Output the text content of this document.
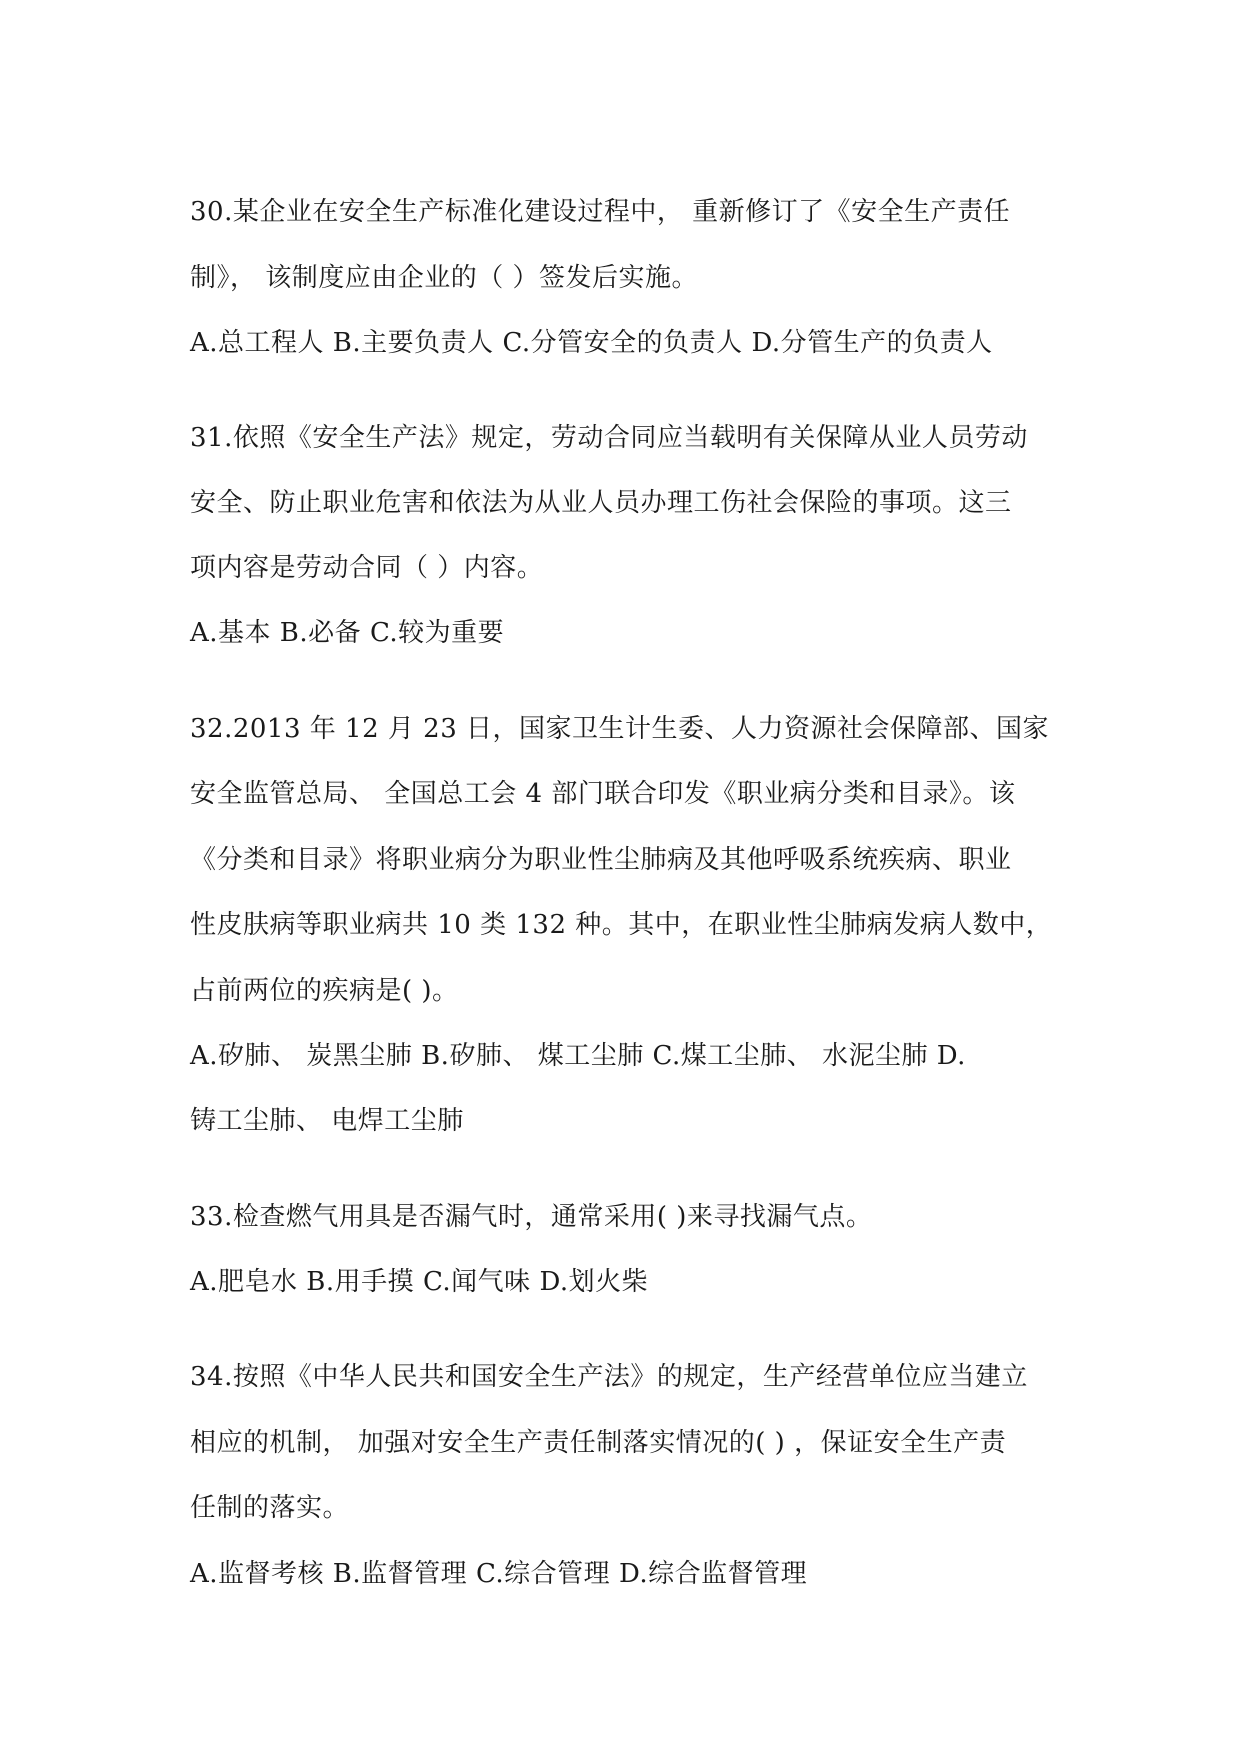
30.某企业在安全生产标准化建设过程中， 重新修订了《安全生产责任
制》， 该制度应由企业的（ ）签发后实施。
A.总工程人 B.主要负责人 C.分管安全的负责人 D.分管生产的负责人
31.依照《安全生产法》规定，劳动合同应当载明有关保障从业人员劳动
安全、防止职业危害和依法为从业人员办理工伤社会保险的事项。这三
项内容是劳动合同（ ）内容。
A.基本 B.必备 C.较为重要
32.2013 年 12 月 23 日，国家卫生计生委、人力资源社会保障部、国家
安全监管总局、 全国总工会 4 部门联合印发《职业病分类和目录》。该
《分类和目录》将职业病分为职业性尘肺病及其他呼吸系统疾病、职业
性皮肤病等职业病共 10 类 132 种。其中，在职业性尘肺病发病人数中，
占前两位的疾病是( )。
A.矽肺、 炭黑尘肺 B.矽肺、 煤工尘肺 C.煤工尘肺、 水泥尘肺 D.
铸工尘肺、 电焊工尘肺
33.检查燃气用具是否漏气时，通常采用( )来寻找漏气点。
A.肥皂水 B.用手摸 C.闻气味 D.划火柴
34.按照《中华人民共和国安全生产法》的规定，生产经营单位应当建立
相应的机制， 加强对安全生产责任制落实情况的( ) ，保证安全生产责
任制的落实。
A.监督考核 B.监督管理 C.综合管理 D.综合监督管理
